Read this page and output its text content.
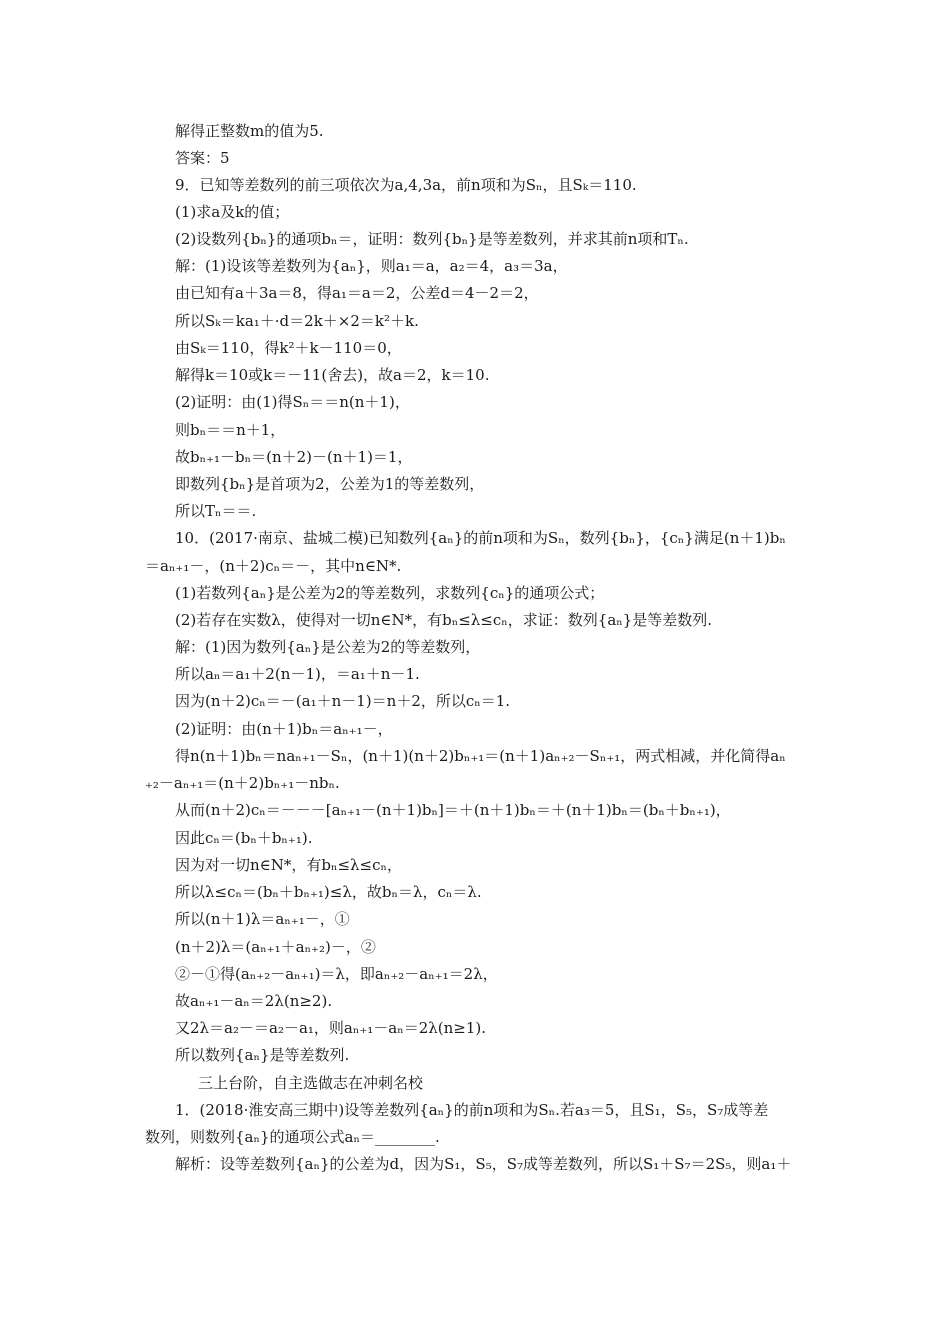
解得正整数m的值为5.
答案：5
9．已知等差数列的前三项依次为a,4,3a，前n项和为Sₙ，且Sₖ＝110.
(1)求a及k的值；
(2)设数列{bₙ}的通项bₙ＝，证明：数列{bₙ}是等差数列，并求其前n项和Tₙ.
解：(1)设该等差数列为{aₙ}，则a₁＝a，a₂＝4，a₃＝3a，
由已知有a＋3a＝8，得a₁＝a＝2，公差d＝4－2＝2，
所以Sₖ＝ka₁＋·d＝2k＋×2＝k²＋k.
由Sₖ＝110，得k²＋k－110＝0，
解得k＝10或k＝－11(舍去)，故a＝2，k＝10.
(2)证明：由(1)得Sₙ＝＝n(n＋1)，
则bₙ＝＝n＋1，
故bₙ₊₁－bₙ＝(n＋2)－(n＋1)＝1，
即数列{bₙ}是首项为2，公差为1的等差数列，
所以Tₙ＝＝.
10．(2017·南京、盐城二模)已知数列{aₙ}的前n项和为Sₙ，数列{bₙ}，{cₙ}满足(n＋1)bₙ
＝aₙ₊₁－，(n＋2)cₙ＝－，其中n∈N*.
(1)若数列{aₙ}是公差为2的等差数列，求数列{cₙ}的通项公式；
(2)若存在实数λ，使得对一切n∈N*，有bₙ≤λ≤cₙ，求证：数列{aₙ}是等差数列.
解：(1)因为数列{aₙ}是公差为2的等差数列，
所以aₙ＝a₁＋2(n－1)，＝a₁＋n－1.
因为(n＋2)cₙ＝－(a₁＋n－1)＝n＋2，所以cₙ＝1.
(2)证明：由(n＋1)bₙ＝aₙ₊₁－，
得n(n＋1)bₙ＝naₙ₊₁－Sₙ，(n＋1)(n＋2)bₙ₊₁＝(n＋1)aₙ₊₂－Sₙ₊₁，两式相减，并化简得aₙ
₊₂－aₙ₊₁＝(n＋2)bₙ₊₁－nbₙ.
从而(n＋2)cₙ＝－－－[aₙ₊₁－(n＋1)bₙ]＝＋(n＋1)bₙ＝＋(n＋1)bₙ＝(bₙ＋bₙ₊₁)，
因此cₙ＝(bₙ＋bₙ₊₁).
因为对一切n∈N*，有bₙ≤λ≤cₙ，
所以λ≤cₙ＝(bₙ＋bₙ₊₁)≤λ，故bₙ＝λ，cₙ＝λ.
所以(n＋1)λ＝aₙ₊₁－，①
(n＋2)λ＝(aₙ₊₁＋aₙ₊₂)－，②
②－①得(aₙ₊₂－aₙ₊₁)＝λ，即aₙ₊₂－aₙ₊₁＝2λ，
故aₙ₊₁－aₙ＝2λ(n≥2).
又2λ＝a₂－＝a₂－a₁，则aₙ₊₁－aₙ＝2λ(n≥1).
所以数列{aₙ}是等差数列.
三上台阶，自主选做志在冲刺名校
1．(2018·淮安高三期中)设等差数列{aₙ}的前n项和为Sₙ.若a₃＝5，且S₁，S₅，S₇成等差
数列，则数列{aₙ}的通项公式aₙ＝________.
解析：设等差数列{aₙ}的公差为d，因为S₁，S₅，S₇成等差数列，所以S₁＋S₇＝2S₅，则a₁＋
